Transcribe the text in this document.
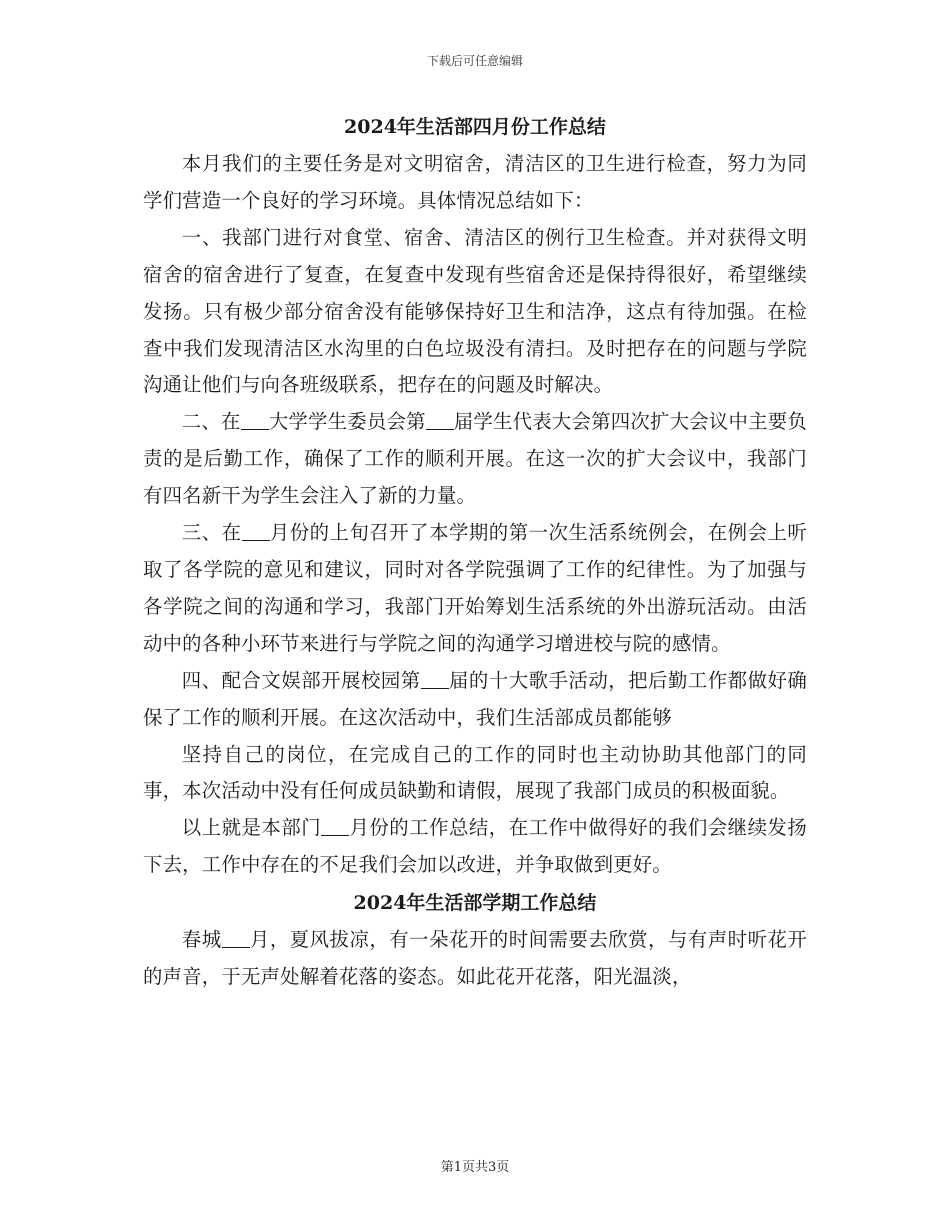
下载后可任意编辑
2024年生活部四月份工作总结

本月我们的主要任务是对文明宿舍，清洁区的卫生进行检查，努力为同学们营造一个良好的学习环境。具体情况总结如下：

一、我部门进行对食堂、宿舍、清洁区的例行卫生检查。并对获得文明宿舍的宿舍进行了复查，在复查中发现有些宿舍还是保持得很好，希望继续发扬。只有极少部分宿舍没有能够保持好卫生和洁净，这点有待加强。在检查中我们发现清洁区水沟里的白色垃圾没有清扫。及时把存在的问题与学院沟通让他们与向各班级联系，把存在的问题及时解决。

二、在 大学学生委员会第 届学生代表大会第四次扩大会议中主要负责的是后勤工作，确保了工作的顺利开展。在这一次的扩大会议中，我部门有四名新干为学生会注入了新的力量。

三、在 月份的上旬召开了本学期的第一次生活系统例会，在例会上听取了各学院的意见和建议，同时对各学院强调了工作的纪律性。为了加强与各学院之间的沟通和学习，我部门开始筹划生活系统的外出游玩活动。由活动中的各种小环节来进行与学院之间的沟通学习增进校与院的感情。

四、配合文娱部开展校园第 届的十大歌手活动，把后勤工作都做好确保了工作的顺利开展。在这次活动中，我们生活部成员都能够

坚持自己的岗位，在完成自己的工作的同时也主动协助其他部门的同事，本次活动中没有任何成员缺勤和请假，展现了我部门成员的积极面貌。

以上就是本部门 月份的工作总结，在工作中做得好的我们会继续发扬下去，工作中存在的不足我们会加以改进，并争取做到更好。

2024年生活部学期工作总结

春城 月，夏风拔凉，有一朵花开的时间需要去欣赏，与有声时听花开的声音，于无声处解着花落的姿态。如此花开花落，阳光温淡，

第1页共3页
